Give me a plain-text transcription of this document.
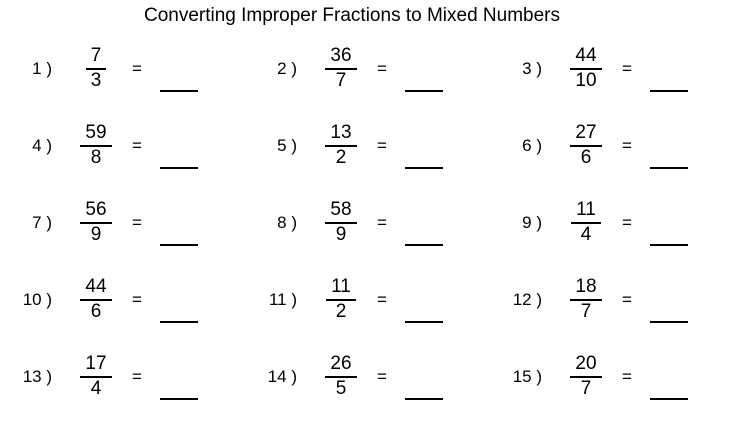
Converting Improper Fractions to Mixed Numbers
1 ) $\frac{7}{3}$ =	2 ) $\frac{36}{7}$ =	3 ) $\frac{44}{10}$ =
4 ) $\frac{59}{8}$ =	5 ) $\frac{13}{2}$ =	6 ) $\frac{27}{6}$ =
7 ) $\frac{56}{9}$ =	8 ) $\frac{58}{9}$ =	9 ) $\frac{11}{4}$ =
10 ) $\frac{44}{6}$ =	11 ) $\frac{11}{2}$ =	12 ) $\frac{18}{7}$ =
13 ) $\frac{17}{4}$ =	14 ) $\frac{26}{5}$ =	15 ) $\frac{20}{7}$ =
